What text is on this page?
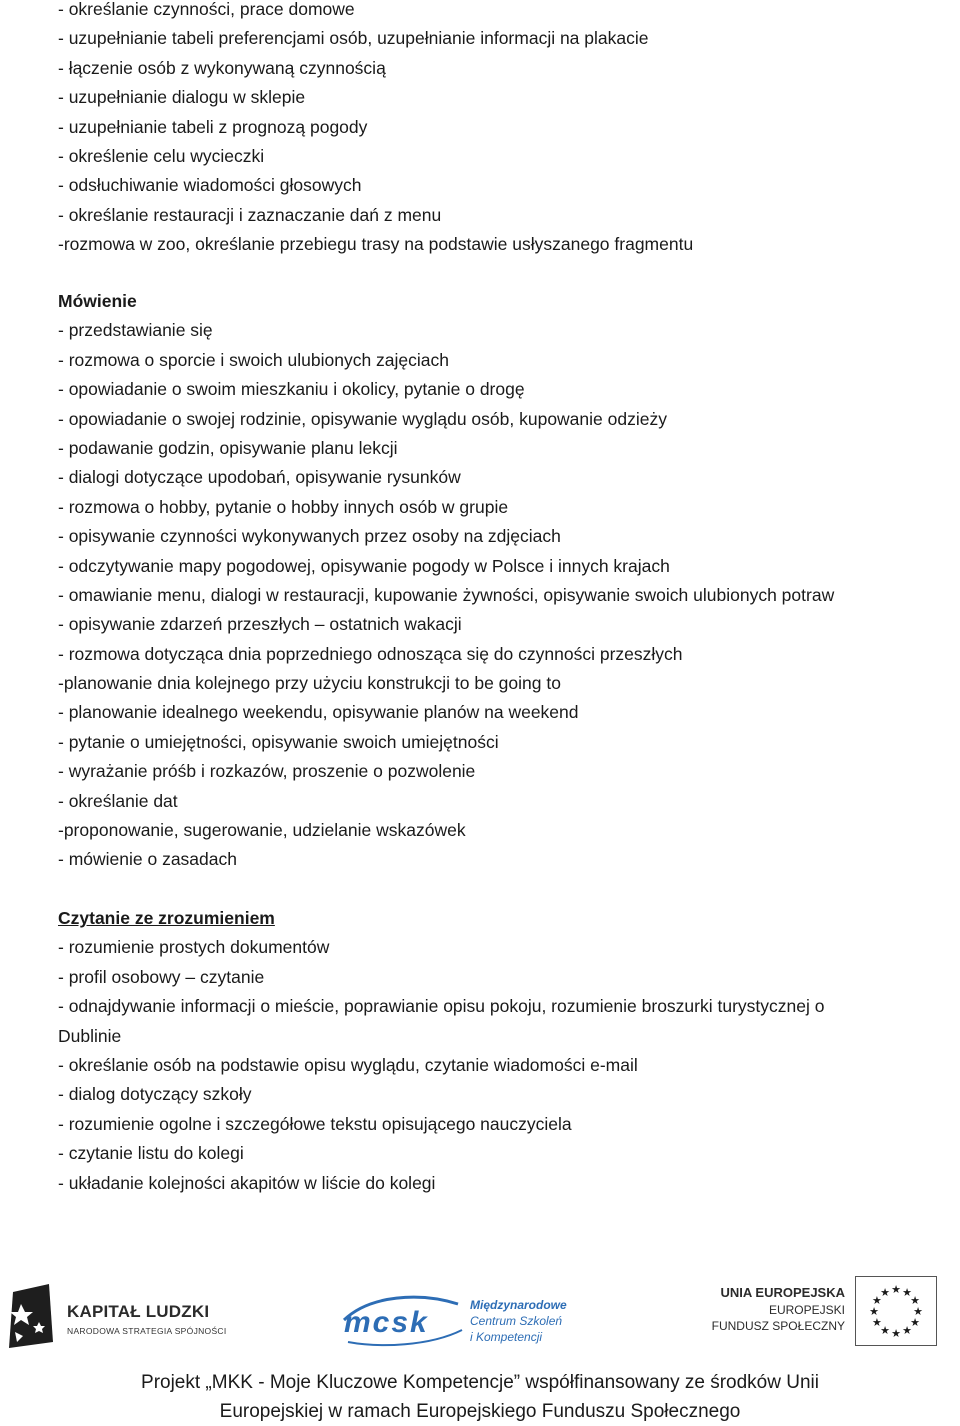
- określanie czynności, prace domowe
- uzupełnianie tabeli preferencjami osób, uzupełnianie informacji na plakacie
- łączenie osób z wykonywaną czynnością
- uzupełnianie dialogu w sklepie
- uzupełnianie tabeli z prognozą pogody
- określenie celu wycieczki
- odsłuchiwanie wiadomości głosowych
- określanie restauracji i zaznaczanie dań z menu
-rozmowa w zoo, określanie przebiegu trasy na podstawie usłyszanego fragmentu
Mówienie
- przedstawianie się
- rozmowa o sporcie i swoich ulubionych zajęciach
- opowiadanie o swoim mieszkaniu i okolicy, pytanie o drogę
- opowiadanie o swojej rodzinie, opisywanie wyglądu osób, kupowanie odzieży
- podawanie godzin, opisywanie planu lekcji
- dialogi dotyczące upodobań, opisywanie rysunków
- rozmowa o hobby, pytanie o hobby innych osób w grupie
- opisywanie czynności wykonywanych przez osoby na zdjęciach
- odczytywanie mapy pogodowej, opisywanie pogody w Polsce i innych krajach
- omawianie menu, dialogi w restauracji, kupowanie żywności, opisywanie swoich ulubionych potraw
- opisywanie zdarzeń przeszłych – ostatnich wakacji
- rozmowa dotycząca dnia poprzedniego odnosząca się do czynności przeszłych
-planowanie dnia kolejnego przy użyciu konstrukcji to be going to
- planowanie idealnego weekendu, opisywanie planów na weekend
- pytanie o umiejętności, opisywanie swoich umiejętności
- wyrażanie próśb i rozkazów, proszenie o pozwolenie
- określanie dat
-proponowanie, sugerowanie, udzielanie wskazówek
- mówienie o zasadach
Czytanie ze zrozumieniem
- rozumienie prostych dokumentów
- profil osobowy – czytanie
- odnajdywanie informacji o mieście, poprawianie opisu pokoju, rozumienie broszurki turystycznej o
Dublinie
- określanie osób na podstawie opisu wyglądu, czytanie wiadomości e-mail
- dialog dotyczący szkoły
- rozumienie ogolne i szczegółowe tekstu opisującego nauczyciela
- czytanie listu do kolegi
- układanie kolejności akapitów w liście do kolegi
KAPITAŁ LUDZKI
NARODOWA STRATEGIA SPÓJNOŚCI	mcsk
Międzynarodowe
Centrum Szkoleń
i Kompetencji
UNIA EUROPEJSKA
EUROPEJSKI
FUNDUSZ SPOŁECZNY
★ ★
★
★
★
★
★
★
★
★
★
★
Projekt „MKK - Moje Kluczowe Kompetencje” współfinansowany ze środków Unii
Europejskiej w ramach Europejskiego Funduszu Społecznego
